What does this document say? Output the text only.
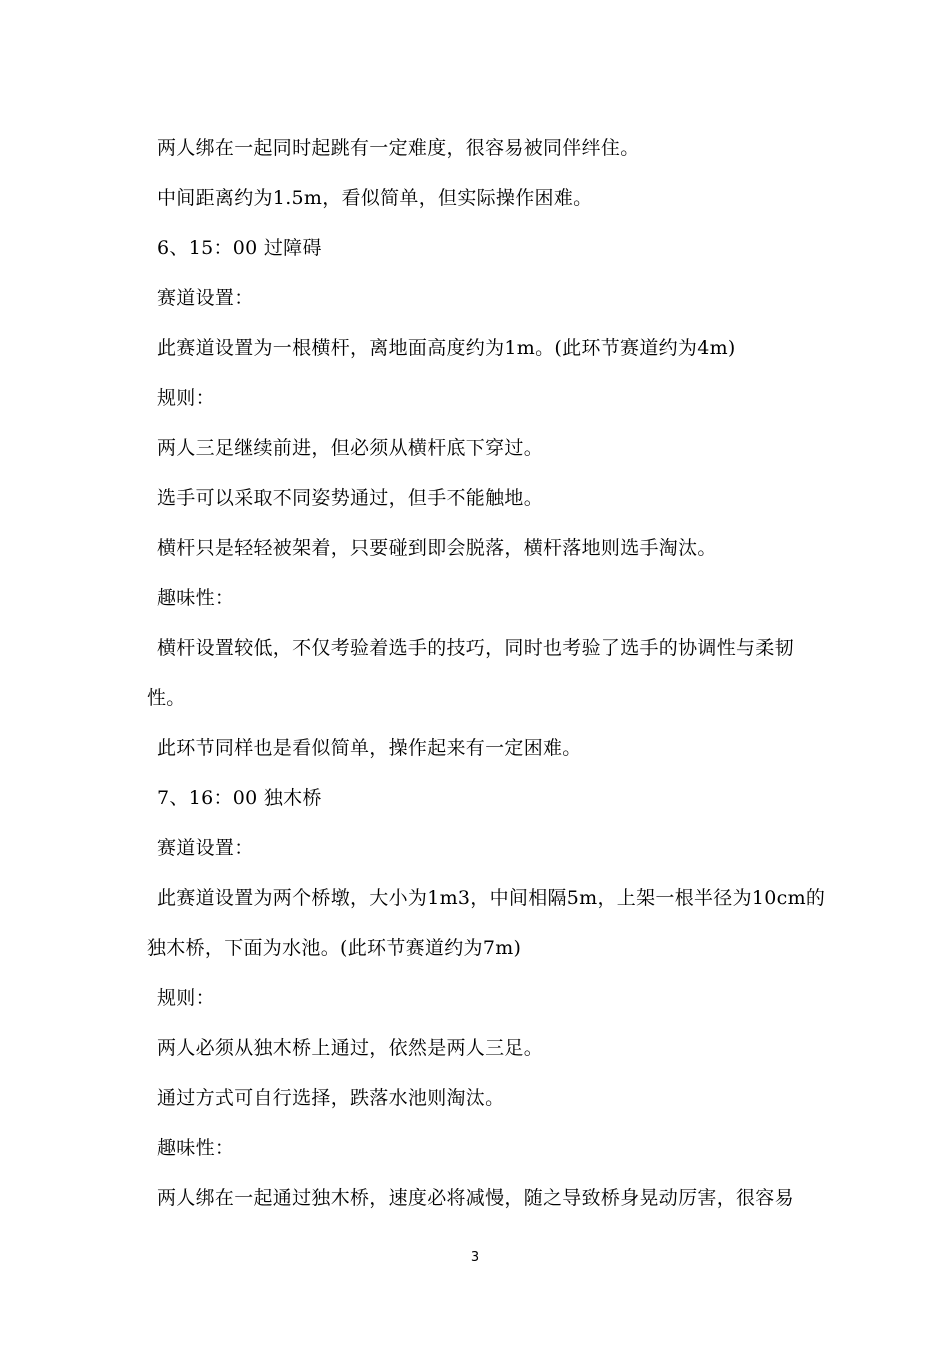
两人绑在一起同时起跳有一定难度，很容易被同伴绊住。

中间距离约为1.5m，看似简单，但实际操作困难。

6、15：00 过障碍

赛道设置：

此赛道设置为一根横杆，离地面高度约为1m。(此环节赛道约为4m)

规则：

两人三足继续前进，但必须从横杆底下穿过。

选手可以采取不同姿势通过，但手不能触地。

横杆只是轻轻被架着，只要碰到即会脱落，横杆落地则选手淘汰。

趣味性：

横杆设置较低，不仅考验着选手的技巧，同时也考验了选手的协调性与柔韧

性。

此环节同样也是看似简单，操作起来有一定困难。

7、16：00 独木桥

赛道设置：

此赛道设置为两个桥墩，大小为1m3，中间相隔5m，上架一根半径为10cm的

独木桥，下面为水池。(此环节赛道约为7m)

规则：

两人必须从独木桥上通过，依然是两人三足。

通过方式可自行选择，跌落水池则淘汰。

趣味性：

两人绑在一起通过独木桥，速度必将减慢，随之导致桥身晃动厉害，很容易

3
